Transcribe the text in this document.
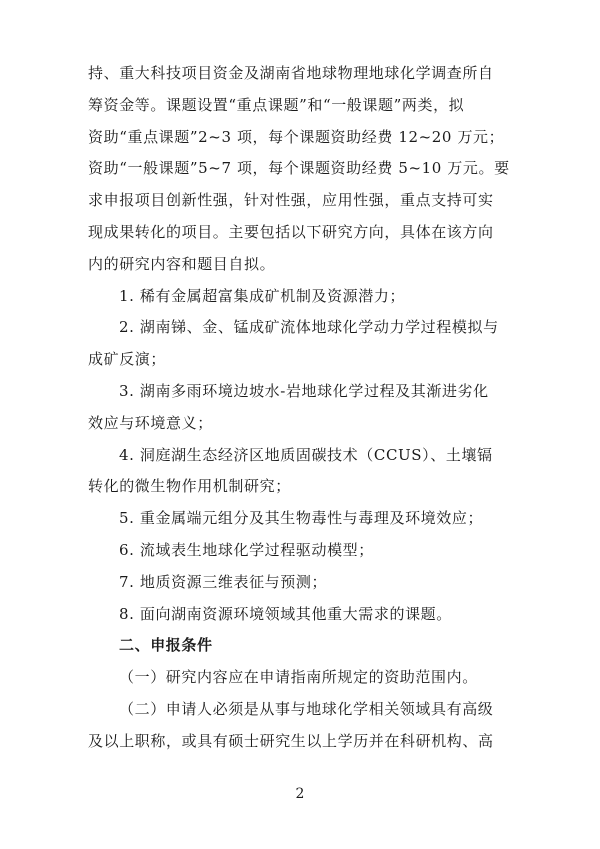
持、重大科技项目资金及湖南省地球物理地球化学调查所自
筹资金等。课题设置“重点课题”和“一般课题”两类，拟
资助“重点课题”2~3 项，每个课题资助经费 12~20 万元；
资助“一般课题”5~7 项，每个课题资助经费 5~10 万元。要
求申报项目创新性强，针对性强，应用性强，重点支持可实
现成果转化的项目。主要包括以下研究方向，具体在该方向
内的研究内容和题目自拟。
1. 稀有金属超富集成矿机制及资源潜力；
2. 湖南锑、金、锰成矿流体地球化学动力学过程模拟与
成矿反演；
3. 湖南多雨环境边坡水-岩地球化学过程及其渐进劣化
效应与环境意义；
4. 洞庭湖生态经济区地质固碳技术（CCUS）、土壤镉
转化的微生物作用机制研究；
5. 重金属端元组分及其生物毒性与毒理及环境效应；
6. 流域表生地球化学过程驱动模型；
7. 地质资源三维表征与预测；
8. 面向湖南资源环境领域其他重大需求的课题。
二、申报条件
（一）研究内容应在申请指南所规定的资助范围内。
（二）申请人必须是从事与地球化学相关领域具有高级
及以上职称，或具有硕士研究生以上学历并在科研机构、高
2
